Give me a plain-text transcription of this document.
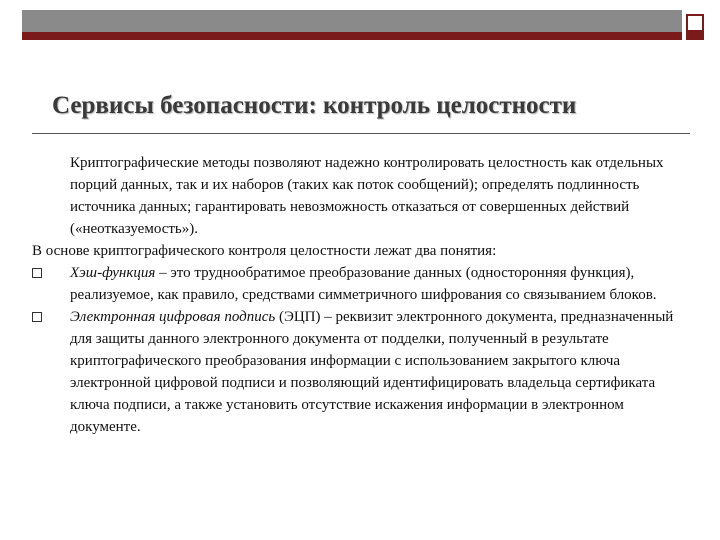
Сервисы безопасности: контроль целостности
Криптографические методы позволяют надежно контролировать целостность как отдельных порций данных, так и их наборов (таких как поток сообщений); определять подлинность источника данных; гарантировать невозможность отказаться от совершенных действий («неотказуемость»).

В основе криптографического контроля целостности лежат два понятия:

Хэш-функция – это труднообратимое преобразование данных (односторонняя функция), реализуемое, как правило, средствами симметричного шифрования со связыванием блоков.
Электронная цифровая подпись (ЭЦП) – реквизит электронного документа, предназначенный для защиты данного электронного документа от подделки, полученный в результате криптографического преобразования информации с использованием закрытого ключа электронной цифровой подписи и позволяющий идентифицировать владельца сертификата ключа подписи, а также установить отсутствие искажения информации в электронном документе.
